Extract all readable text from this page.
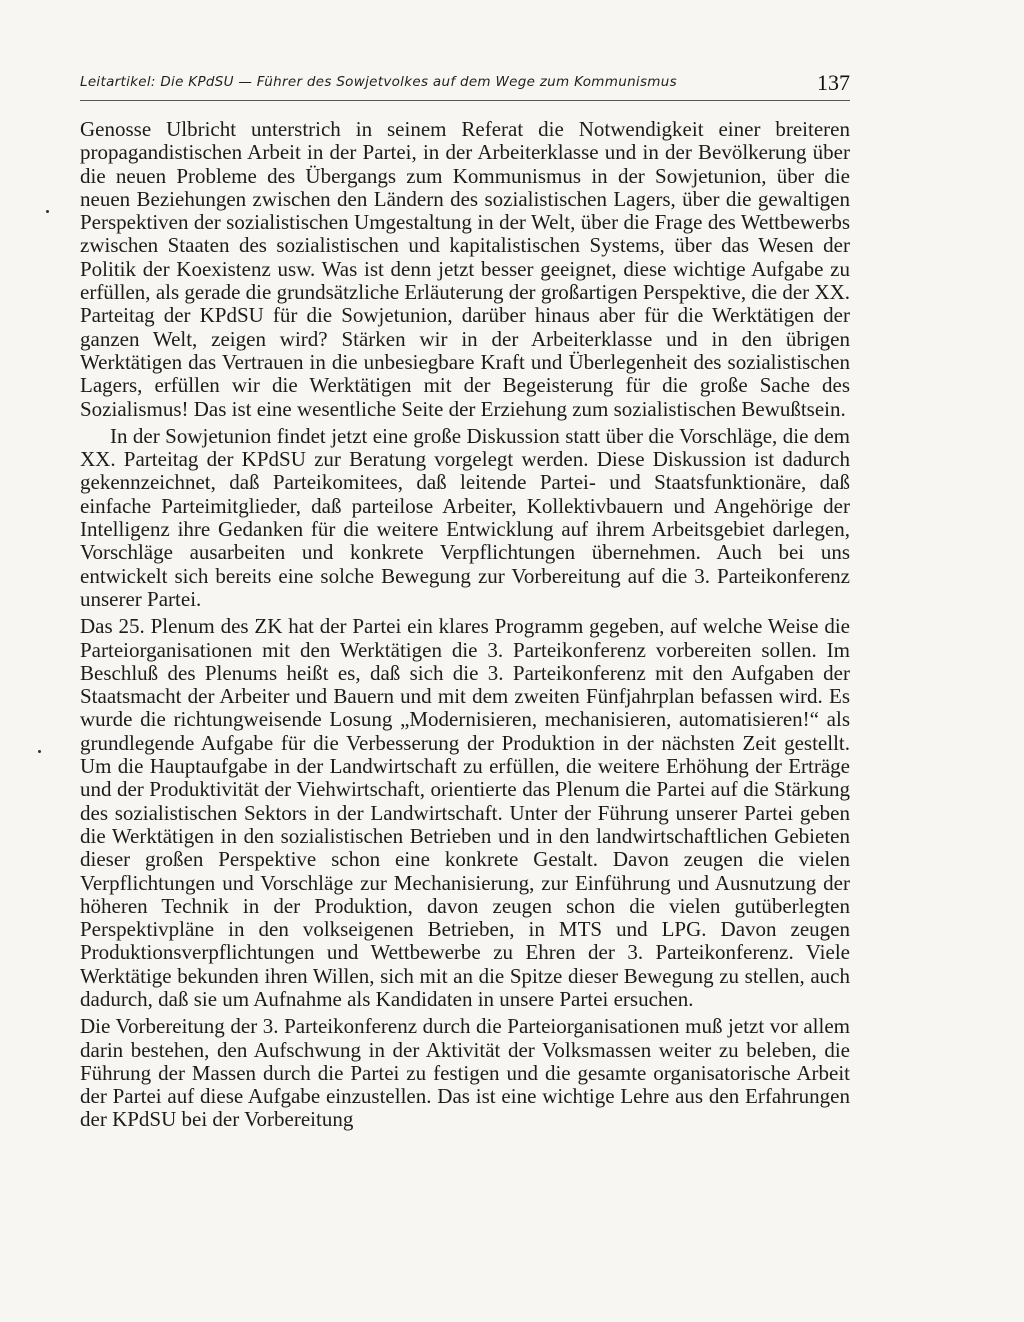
Leitartikel: Die KPdSU — Führer des Sowjetvolkes auf dem Wege zum Kommunismus	137

Genosse Ulbricht unterstrich in seinem Referat die Notwendigkeit einer breiteren propagandistischen Arbeit in der Partei, in der Arbeiterklasse und in der Bevölkerung über die neuen Probleme des Übergangs zum Kommunismus in der Sowjetunion, über die neuen Beziehungen zwischen den Ländern des sozialistischen Lagers, über die gewaltigen Perspektiven der sozialistischen Umgestaltung in der Welt, über die Frage des Wettbewerbs zwischen Staaten des sozialistischen und kapitalistischen Systems, über das Wesen der Politik der Koexistenz usw. Was ist denn jetzt besser geeignet, diese wichtige Aufgabe zu erfüllen, als gerade die grundsätzliche Erläuterung der großartigen Perspektive, die der XX. Parteitag der KPdSU für die Sowjetunion, darüber hinaus aber für die Werktätigen der ganzen Welt, zeigen wird? Stärken wir in der Arbeiterklasse und in den übrigen Werktätigen das Vertrauen in die unbesiegbare Kraft und Überlegenheit des sozialistischen Lagers, erfüllen wir die Werktätigen mit der Begeisterung für die große Sache des Sozialismus! Das ist eine wesentliche Seite der Erziehung zum sozialistischen Bewußtsein.

In der Sowjetunion findet jetzt eine große Diskussion statt über die Vorschläge, die dem XX. Parteitag der KPdSU zur Beratung vorgelegt werden. Diese Diskussion ist dadurch gekennzeichnet, daß Parteikomitees, daß leitende Partei- und Staatsfunktionäre, daß einfache Parteimitglieder, daß parteilose Arbeiter, Kollektivbauern und Angehörige der Intelligenz ihre Gedanken für die weitere Entwicklung auf ihrem Arbeitsgebiet darlegen, Vorschläge ausarbeiten und konkrete Verpflichtungen übernehmen. Auch bei uns entwickelt sich bereits eine solche Bewegung zur Vorbereitung auf die 3. Parteikonferenz unserer Partei.

Das 25. Plenum des ZK hat der Partei ein klares Programm gegeben, auf welche Weise die Parteiorganisationen mit den Werktätigen die 3. Parteikonferenz vorbereiten sollen. Im Beschluß des Plenums heißt es, daß sich die 3. Parteikonferenz mit den Aufgaben der Staatsmacht der Arbeiter und Bauern und mit dem zweiten Fünfjahrplan befassen wird. Es wurde die richtungweisende Losung „Modernisieren, mechanisieren, automatisieren!“ als grundlegende Aufgabe für die Verbesserung der Produktion in der nächsten Zeit gestellt. Um die Hauptaufgabe in der Landwirtschaft zu erfüllen, die weitere Erhöhung der Erträge und der Produktivität der Viehwirtschaft, orientierte das Plenum die Partei auf die Stärkung des sozialistischen Sektors in der Landwirtschaft. Unter der Führung unserer Partei geben die Werktätigen in den sozialistischen Betrieben und in den landwirtschaftlichen Gebieten dieser großen Perspektive schon eine konkrete Gestalt. Davon zeugen die vielen Verpflichtungen und Vorschläge zur Mechanisierung, zur Einführung und Ausnutzung der höheren Technik in der Produktion, davon zeugen schon die vielen gutüberlegten Perspektivpläne in den volkseigenen Betrieben, in MTS und LPG. Davon zeugen Produktionsverpflichtungen und Wettbewerbe zu Ehren der 3. Parteikonferenz. Viele Werktätige bekunden ihren Willen, sich mit an die Spitze dieser Bewegung zu stellen, auch dadurch, daß sie um Aufnahme als Kandidaten in unsere Partei ersuchen.

Die Vorbereitung der 3. Parteikonferenz durch die Parteiorganisationen muß jetzt vor allem darin bestehen, den Aufschwung in der Aktivität der Volksmassen weiter zu beleben, die Führung der Massen durch die Partei zu festigen und die gesamte organisatorische Arbeit der Partei auf diese Aufgabe einzustellen. Das ist eine wichtige Lehre aus den Erfahrungen der KPdSU bei der Vorbereitung
